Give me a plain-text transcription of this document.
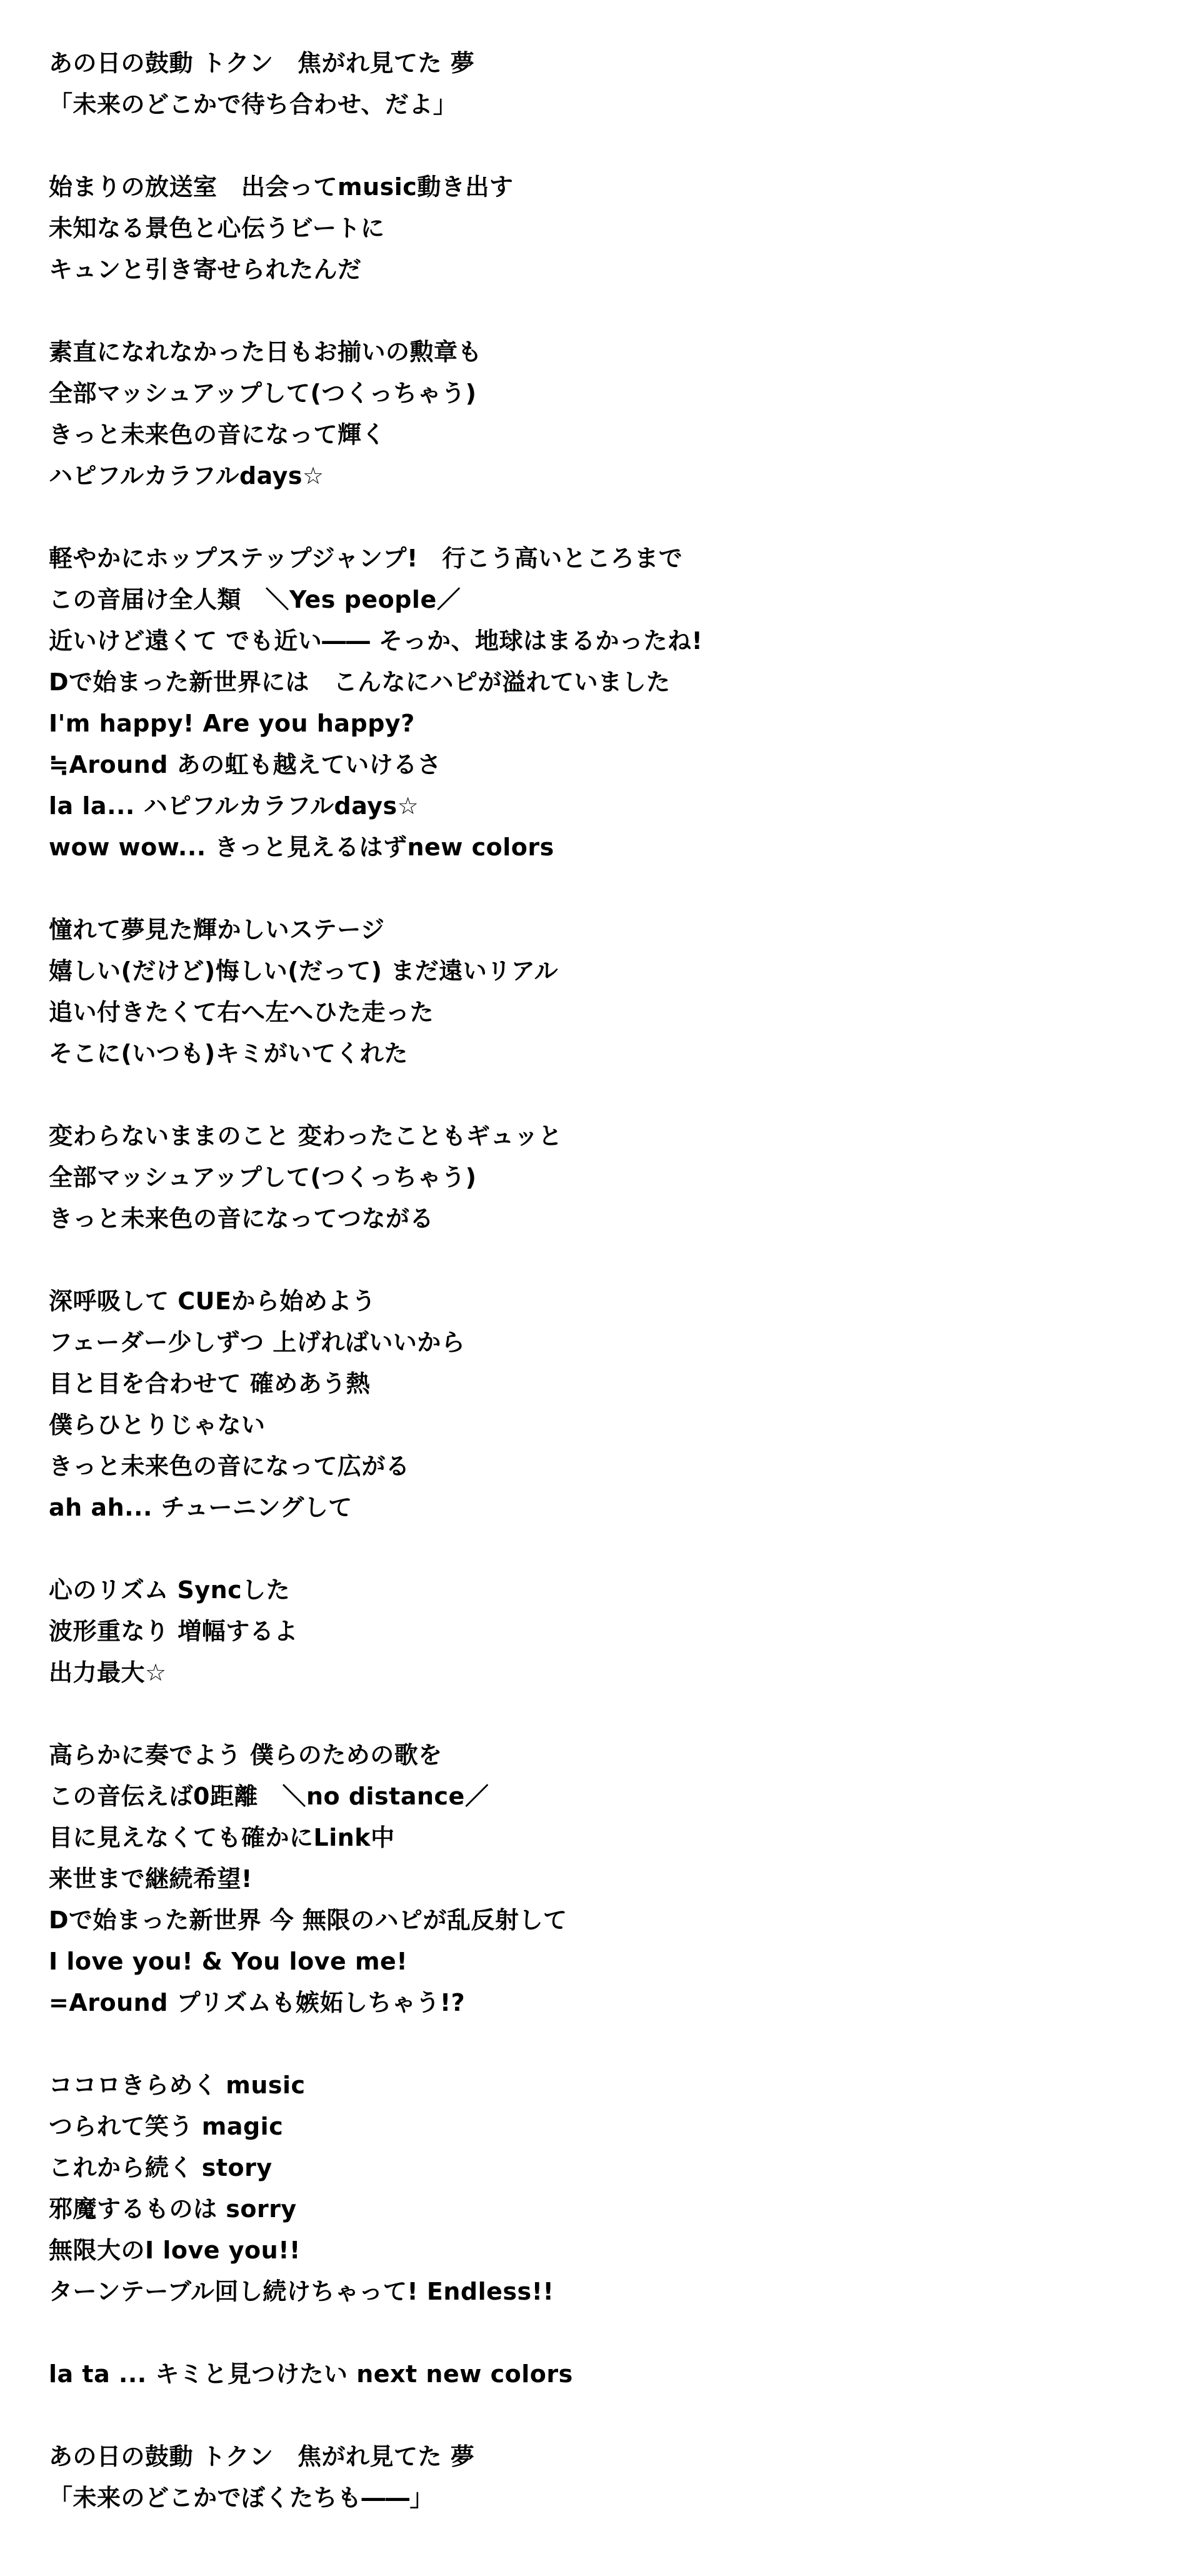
あの日の鼓動 トクン　焦がれ見てた 夢
「未来のどこかで待ち合わせ、だよ」
始まりの放送室　出会ってmusic動き出す
未知なる景色と心伝うビートに
キュンと引き寄せられたんだ
素直になれなかった日もお揃いの勲章も
全部マッシュアップして(つくっちゃう)
きっと未来色の音になって輝く
ハピフルカラフルdays☆
軽やかにホップステップジャンプ!　行こう高いところまで
この音届け全人類　＼Yes people／
近いけど遠くて でも近い―― そっか、地球はまるかったね!
Dで始まった新世界には　こんなにハピが溢れていました
I'm happy! Are you happy?
≒Around あの虹も越えていけるさ
la la... ハピフルカラフルdays☆
wow wow... きっと見えるはずnew colors
憧れて夢見た輝かしいステージ
嬉しい(だけど)悔しい(だって) まだ遠いリアル
追い付きたくて右へ左へひた走った
そこに(いつも)キミがいてくれた
変わらないままのこと 変わったこともギュッと
全部マッシュアップして(つくっちゃう)
きっと未来色の音になってつながる
深呼吸して CUEから始めよう
フェーダー少しずつ 上げればいいから
目と目を合わせて 確めあう熱
僕らひとりじゃない
きっと未来色の音になって広がる
ah ah... チューニングして
心のリズム Syncした
波形重なり 増幅するよ
出力最大☆
高らかに奏でよう 僕らのための歌を
この音伝えば0距離　＼no distance／
目に見えなくても確かにLink中
来世まで継続希望!
Dで始まった新世界 今 無限のハピが乱反射して
I love you! & You love me!
=Around プリズムも嫉妬しちゃう!?
ココロきらめく music
つられて笑う magic
これから続く story
邪魔するものは sorry
無限大のI love you!!
ターンテーブル回し続けちゃって! Endless!!
la ta ... キミと見つけたい next new colors
あの日の鼓動 トクン　焦がれ見てた 夢
「未来のどこかでぼくたちも――」
